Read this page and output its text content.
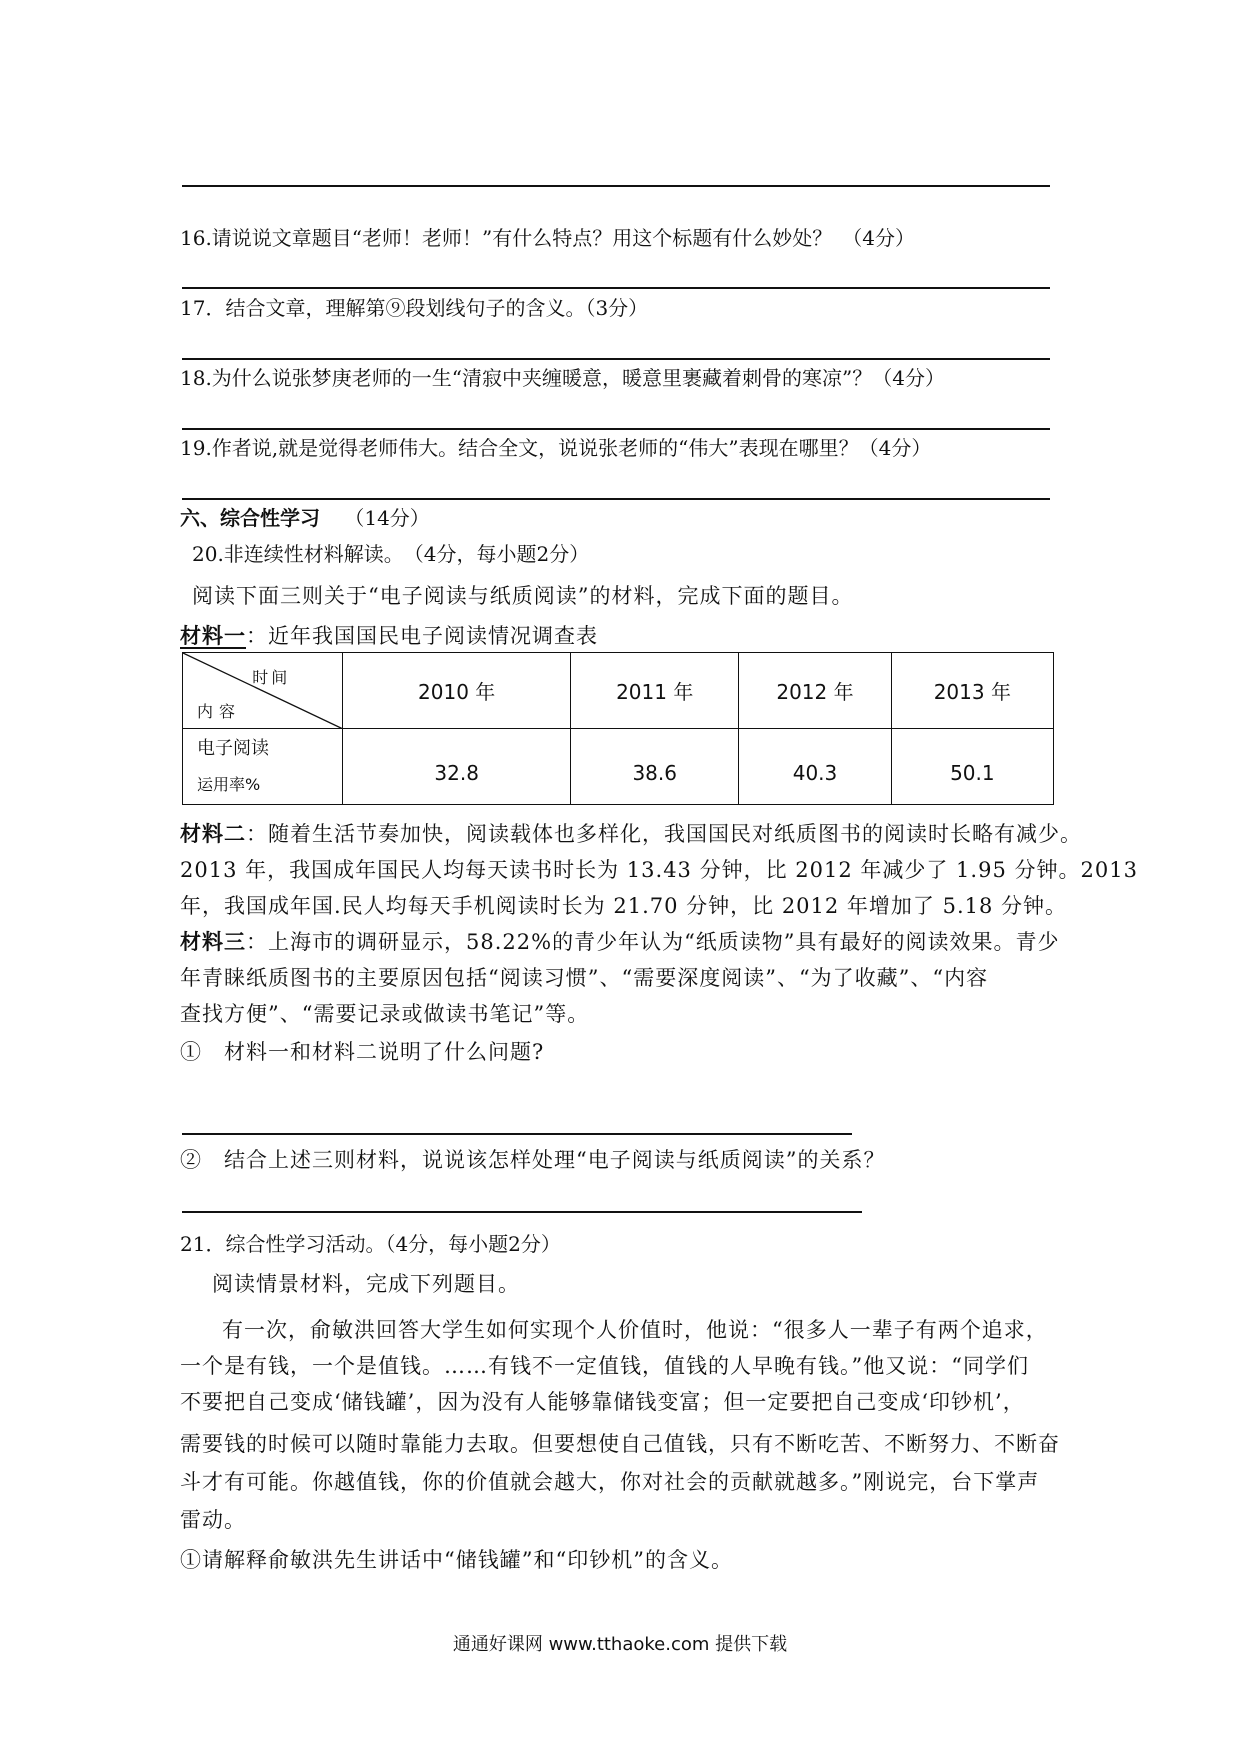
16.请说说文章题目“老师！老师！”有什么特点？用这个标题有什么妙处？　（4分）
17．结合文章，理解第⑨段划线句子的含义。（3分）
18.为什么说张梦庚老师的一生“清寂中夹缠暖意，暖意里裹藏着刺骨的寒凉”？（4分）
19.作者说,就是觉得老师伟大。结合全文，说说张老师的“伟大”表现在哪里？（4分）
六、综合性学习 （14分）
20.非连续性材料解读。　（4分，每小题2分）
阅读下面三则关于“电子阅读与纸质阅读”的材料，完成下面的题目。
材料一：近年我国国民电子阅读情况调查表
时间
内容	2010 年	2011 年	2012 年	2013 年

电子阅读
运用率%	32.8	38.6	40.3	50.1
材料二：随着生活节奏加快，阅读载体也多样化，我国国民对纸质图书的阅读时长略有减少。
2013 年，我国成年国民人均每天读书时长为 13.43 分钟，比 2012 年减少了 1.95 分钟。2013
年，我国成年国.民人均每天手机阅读时长为 21.70 分钟，比 2012 年增加了 5.18 分钟。
材料三：上海市的调研显示，58.22%的青少年认为“纸质读物”具有最好的阅读效果。青少
年青睐纸质图书的主要原因包括“阅读习惯”、“需要深度阅读”、“为了收藏”、“内容
查找方便”、“需要记录或做读书笔记”等。
①　材料一和材料二说明了什么问题?
②　结合上述三则材料，说说该怎样处理“电子阅读与纸质阅读”的关系？
21．综合性学习活动。（4分，每小题2分）
阅读情景材料，完成下列题目。
有一次，俞敏洪回答大学生如何实现个人价值时，他说：“很多人一辈子有两个追求，
一个是有钱，一个是值钱。……有钱不一定值钱，值钱的人早晚有钱。”他又说：“同学们
不要把自己变成‘储钱罐’，因为没有人能够靠储钱变富；但一定要把自己变成‘印钞机’，
需要钱的时候可以随时靠能力去取。但要想使自己值钱，只有不断吃苦、不断努力、不断奋
斗才有可能。你越值钱，你的价值就会越大，你对社会的贡献就越多。”刚说完，台下掌声
雷动。
①请解释俞敏洪先生讲话中“储钱罐”和“印钞机”的含义。
通通好课网 www.tthaoke.com 提供下载
